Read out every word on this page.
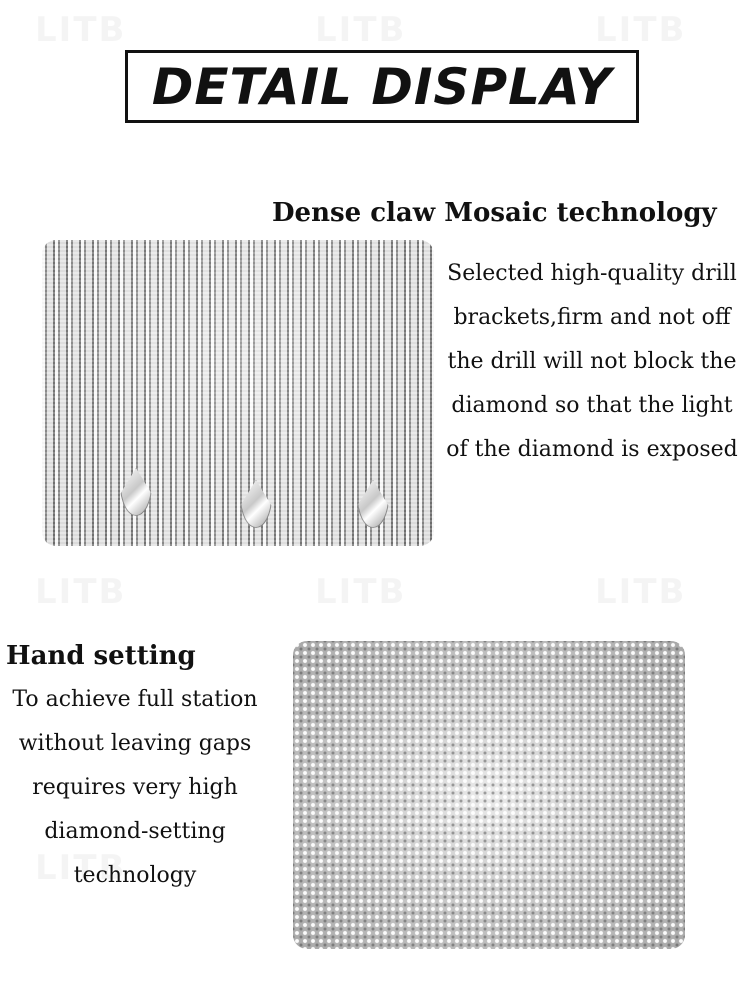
DETAIL DISPLAY
Dense claw Mosaic technology
Selected high-quality drill
brackets,firm and not off
the drill will not block the
diamond so that the light
of the diamond is exposed
Hand setting
To achieve full station
without leaving gaps
requires very high
diamond-setting
technology
